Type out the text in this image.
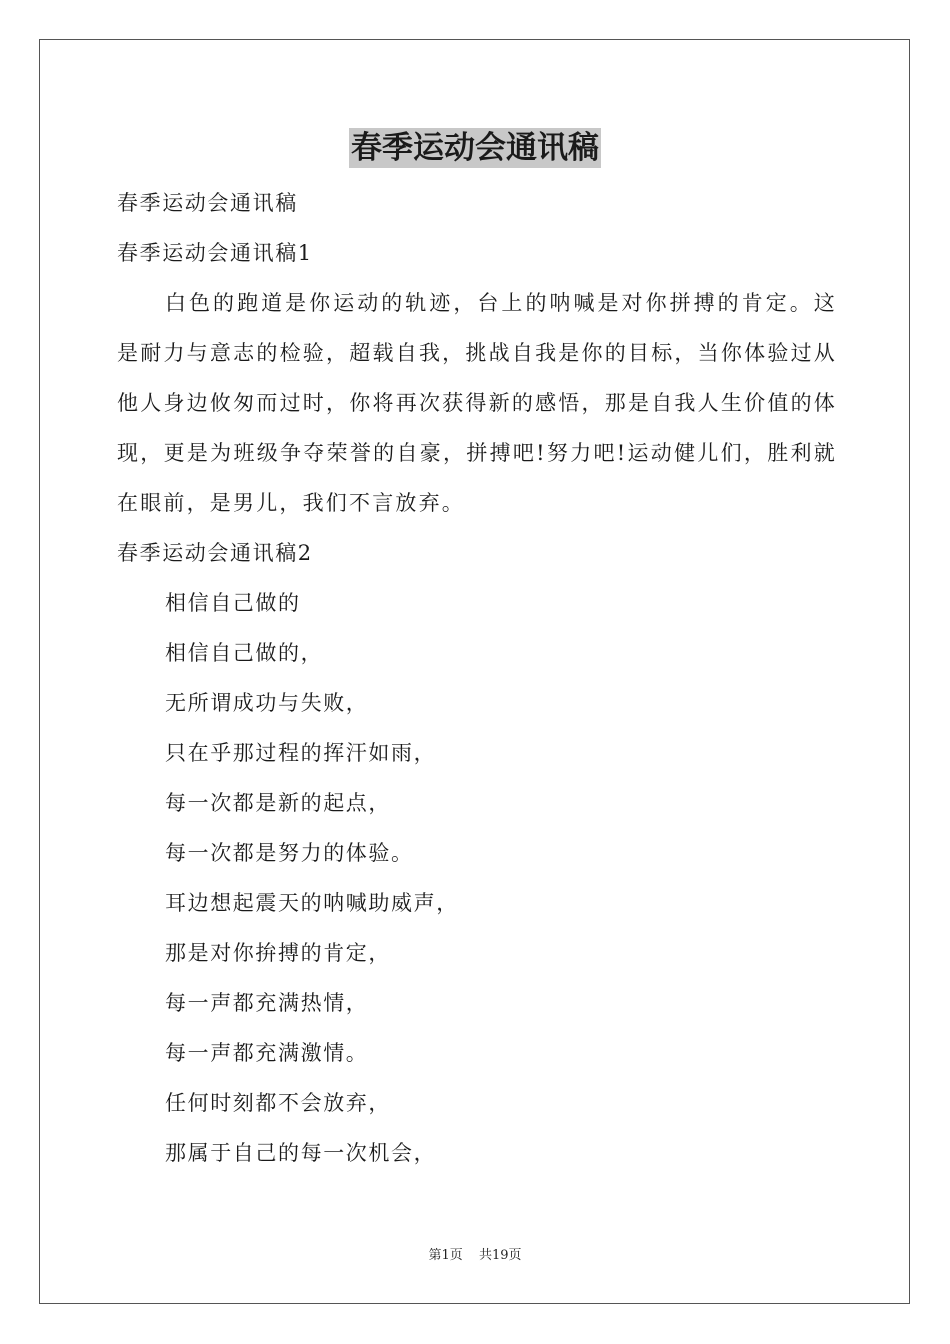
春季运动会通讯稿
春季运动会通讯稿
春季运动会通讯稿1

白色的跑道是你运动的轨迹，台上的呐喊是对你拼搏的肯定。这是耐力与意志的检验，超载自我，挑战自我是你的目标，当你体验过从他人身边攸匆而过时，你将再次获得新的感悟，那是自我人生价值的体现，更是为班级争夺荣誉的自豪，拼搏吧!努力吧!运动健儿们，胜利就在眼前，是男儿，我们不言放弃。

春季运动会通讯稿2
相信自己做的
相信自己做的，
无所谓成功与失败，
只在乎那过程的挥汗如雨，
每一次都是新的起点，
每一次都是努力的体验。
耳边想起震天的呐喊助威声，
那是对你拚搏的肯定，
每一声都充满热情，
每一声都充满激情。
任何时刻都不会放弃，
那属于自己的每一次机会，
第1页 共19页
